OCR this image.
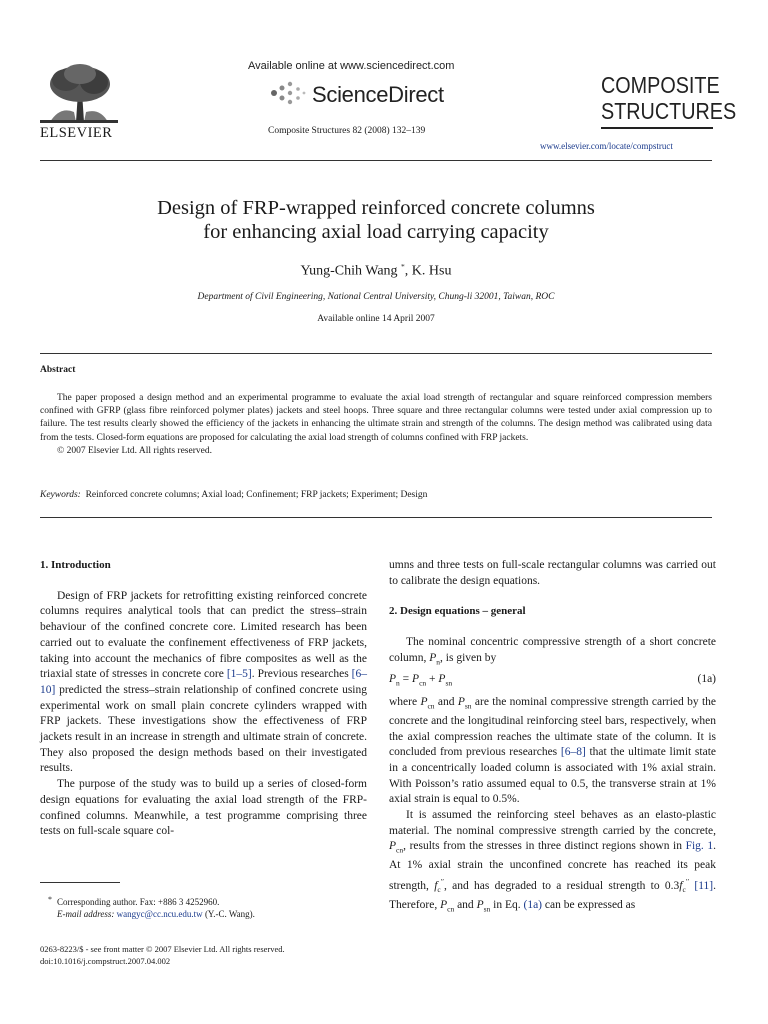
ELSEVIER
Available online at www.sciencedirect.com
ScienceDirect
Composite Structures 82 (2008) 132–139
COMPOSITE
STRUCTURES
www.elsevier.com/locate/compstruct
Design of FRP-wrapped reinforced concrete columns
for enhancing axial load carrying capacity
Yung-Chih Wang *, K. Hsu
Department of Civil Engineering, National Central University, Chung-li 32001, Taiwan, ROC
Available online 14 April 2007
Abstract

The paper proposed a design method and an experimental programme to evaluate the axial load strength of rectangular and square reinforced compression members confined with GFRP (glass fibre reinforced polymer plates) jackets and steel hoops. Three square and three rectangular columns were tested under axial compression up to failure. The test results clearly showed the efficiency of the jackets in enhancing the ultimate strain and strength of the columns. The design method was calibrated using data from the tests. Closed-form equations are proposed for calculating the axial load strength of columns confined with FRP jackets.

© 2007 Elsevier Ltd. All rights reserved.

Keywords: Reinforced concrete columns; Axial load; Confinement; FRP jackets; Experiment; Design

1. Introduction

Design of FRP jackets for retrofitting existing reinforced concrete columns requires analytical tools that can predict the stress–strain behaviour of the confined concrete core. Limited research has been carried out to evaluate the confinement effectiveness of FRP jackets, taking into account the mechanics of fibre composites as well as the triaxial state of stresses in concrete core [1–5]. Previous researches [6–10] predicted the stress–strain relationship of confined concrete using experimental work on small plain concrete cylinders wrapped with FRP jackets. These investigations show the effectiveness of FRP jackets result in an increase in strength and ultimate strain of concrete. They also proposed the design methods based on their investigated results.

The purpose of the study was to build up a series of closed-form design equations for evaluating the axial load strength of the FRP-confined columns. Meanwhile, a test programme comprising three tests on full-scale square col-

* Corresponding author. Fax: +886 3 4252960.
E-mail address: wangyc@cc.ncu.edu.tw (Y.-C. Wang).
0263-8223/$ - see front matter © 2007 Elsevier Ltd. All rights reserved.
doi:10.1016/j.compstruct.2007.04.002

umns and three tests on full-scale rectangular columns was carried out to calibrate the design equations.

2. Design equations – general

The nominal concentric compressive strength of a short concrete column, $P_n$, is given by

$P_n = P_{cn} + P_{sn}$	(1a)

where $P_{cn}$ and $P_{sn}$ are the nominal compressive strength carried by the concrete and the longitudinal reinforcing steel bars, respectively, when the axial compression reaches the ultimate state of the column. It is concluded from previous researches [6–8] that the ultimate limit state in a concentrically loaded column is associated with 1% axial strain. With Poisson’s ratio assumed equal to 0.5, the transverse strain at 1% axial strain is equal to 0.5%.

It is assumed the reinforcing steel behaves as an elasto-plastic material. The nominal compressive strength carried by the concrete, $P_{cn}$, results from the stresses in three distinct regions shown in Fig. 1. At 1% axial strain the unconfined concrete has reached its peak strength, $f_c''$, and has degraded to a residual strength to $0.3f_c''$ [11]. Therefore, $P_{cn}$ and $P_{sn}$ in Eq. (1a) can be expressed as
